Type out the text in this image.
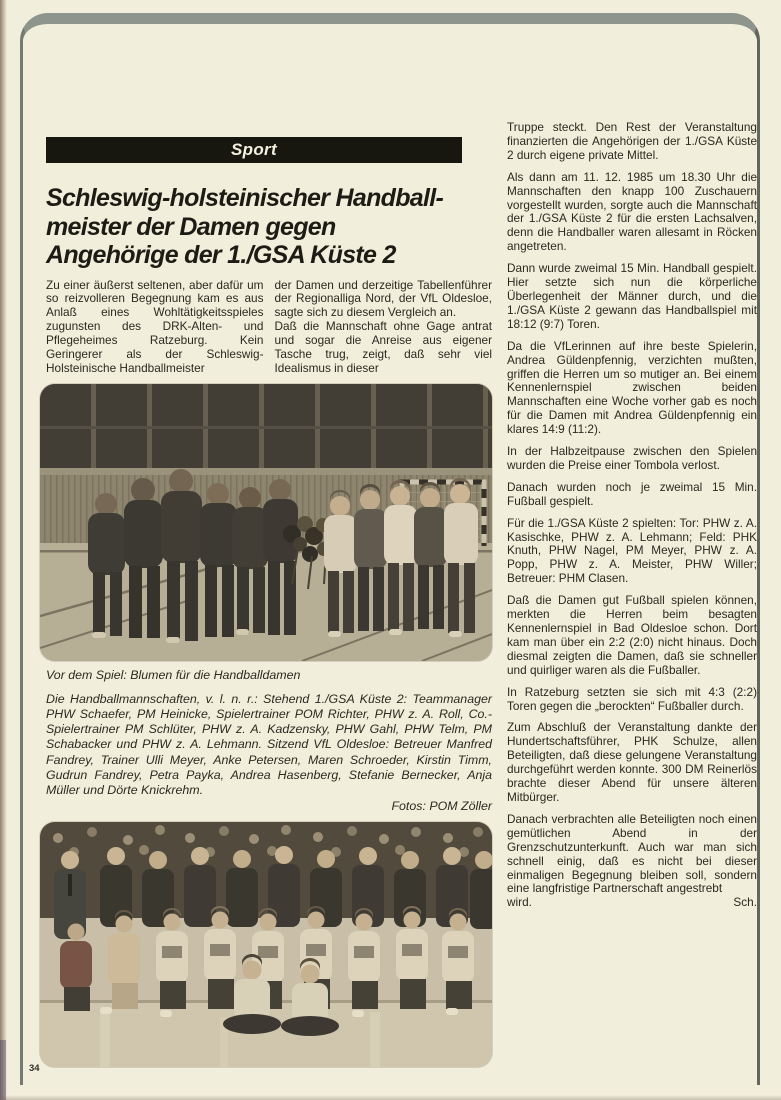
Sport
Schleswig-holsteinischer Handball-
meister der Damen gegen
Angehörige der 1./GSA Küste 2

Zu einer äußerst seltenen, aber dafür um so reizvolleren Begegnung kam es aus Anlaß eines Wohltätigkeitsspieles zugunsten des DRK-Alten- und Pflegeheimes Ratzeburg. Kein Geringerer als der Schleswig-Holsteinische Handballmeister

der Damen und derzeitige Tabellenführer der Regionalliga Nord, der VfL Oldesloe, sagte sich zu diesem Vergleich an.

Daß die Mannschaft ohne Gage antrat und sogar die Anreise aus eigener Tasche trug, zeigt, daß sehr viel Idealismus in dieser

Vor dem Spiel: Blumen für die Handballdamen

Die Handballmannschaften, v. l. n. r.: Stehend 1./GSA Küste 2: Teammanager PHW Schaefer, PM Heinicke, Spielertrainer POM Richter, PHW z. A. Roll, Co.-Spielertrainer PM Schlüter, PHW z. A. Kadzensky, PHW Gahl, PHW Telm, PM Schabacker und PHW z. A. Lehmann. Sitzend VfL Oldesloe: Betreuer Manfred Fandrey, Trainer Ulli Meyer, Anke Petersen, Maren Schroeder, Kirstin Timm, Gudrun Fandrey, Petra Payka, Andrea Hasenberg, Stefanie Bernecker, Anja Müller und Dörte Knickrehm.

Fotos: POM Zöller

Truppe steckt. Den Rest der Veranstaltung finanzierten die Angehörigen der 1./GSA Küste 2 durch eigene private Mittel.

Als dann am 11. 12. 1985 um 18.30 Uhr die Mannschaften den knapp 100 Zuschauern vorgestellt wurden, sorgte auch die Mannschaft der 1./GSA Küste 2 für die ersten Lachsalven, denn die Handballer waren allesamt in Röcken angetreten.

Dann wurde zweimal 15 Min. Handball gespielt. Hier setzte sich nun die körperliche Überlegenheit der Männer durch, und die 1./GSA Küste 2 gewann das Handballspiel mit 18:12 (9:7) Toren.

Da die VfLerinnen auf ihre beste Spielerin, Andrea Güldenpfennig, verzichten mußten, griffen die Herren um so mutiger an. Bei einem Kennenlernspiel zwischen beiden Mannschaften eine Woche vorher gab es noch für die Damen mit Andrea Güldenpfennig ein klares 14:9 (11:2).

In der Halbzeitpause zwischen den Spielen wurden die Preise einer Tombola verlost.

Danach wurden noch je zweimal 15 Min. Fußball gespielt.

Für die 1./GSA Küste 2 spielten: Tor: PHW z. A. Kasischke, PHW z. A. Lehmann; Feld: PHK Knuth, PHW Nagel, PM Meyer, PHW z. A. Popp, PHW z. A. Meister, PHW Willer; Betreuer: PHM Clasen.

Daß die Damen gut Fußball spielen können, merkten die Herren beim besagten Kennenlernspiel in Bad Oldesloe schon. Dort kam man über ein 2:2 (2:0) nicht hinaus. Doch diesmal zeigten die Damen, daß sie schneller und quirliger waren als die Fußballer.

In Ratzeburg setzten sie sich mit 4:3 (2:2) Toren gegen die „berockten“ Fußballer durch.

Zum Abschluß der Veranstaltung dankte der Hundertschaftsführer, PHK Schulze, allen Beteiligten, daß diese gelungene Veranstaltung durchgeführt werden konnte. 300 DM Reinerlös brachte dieser Abend für unsere älteren Mitbürger.

Danach verbrachten alle Beteiligten noch einen gemütlichen Abend in der Grenzschutzunterkunft. Auch war man sich schnell einig, daß es nicht bei dieser einmaligen Begegnung bleiben soll, sondern eine langfristige Partnerschaft angestrebt

wird.	Sch.
34
